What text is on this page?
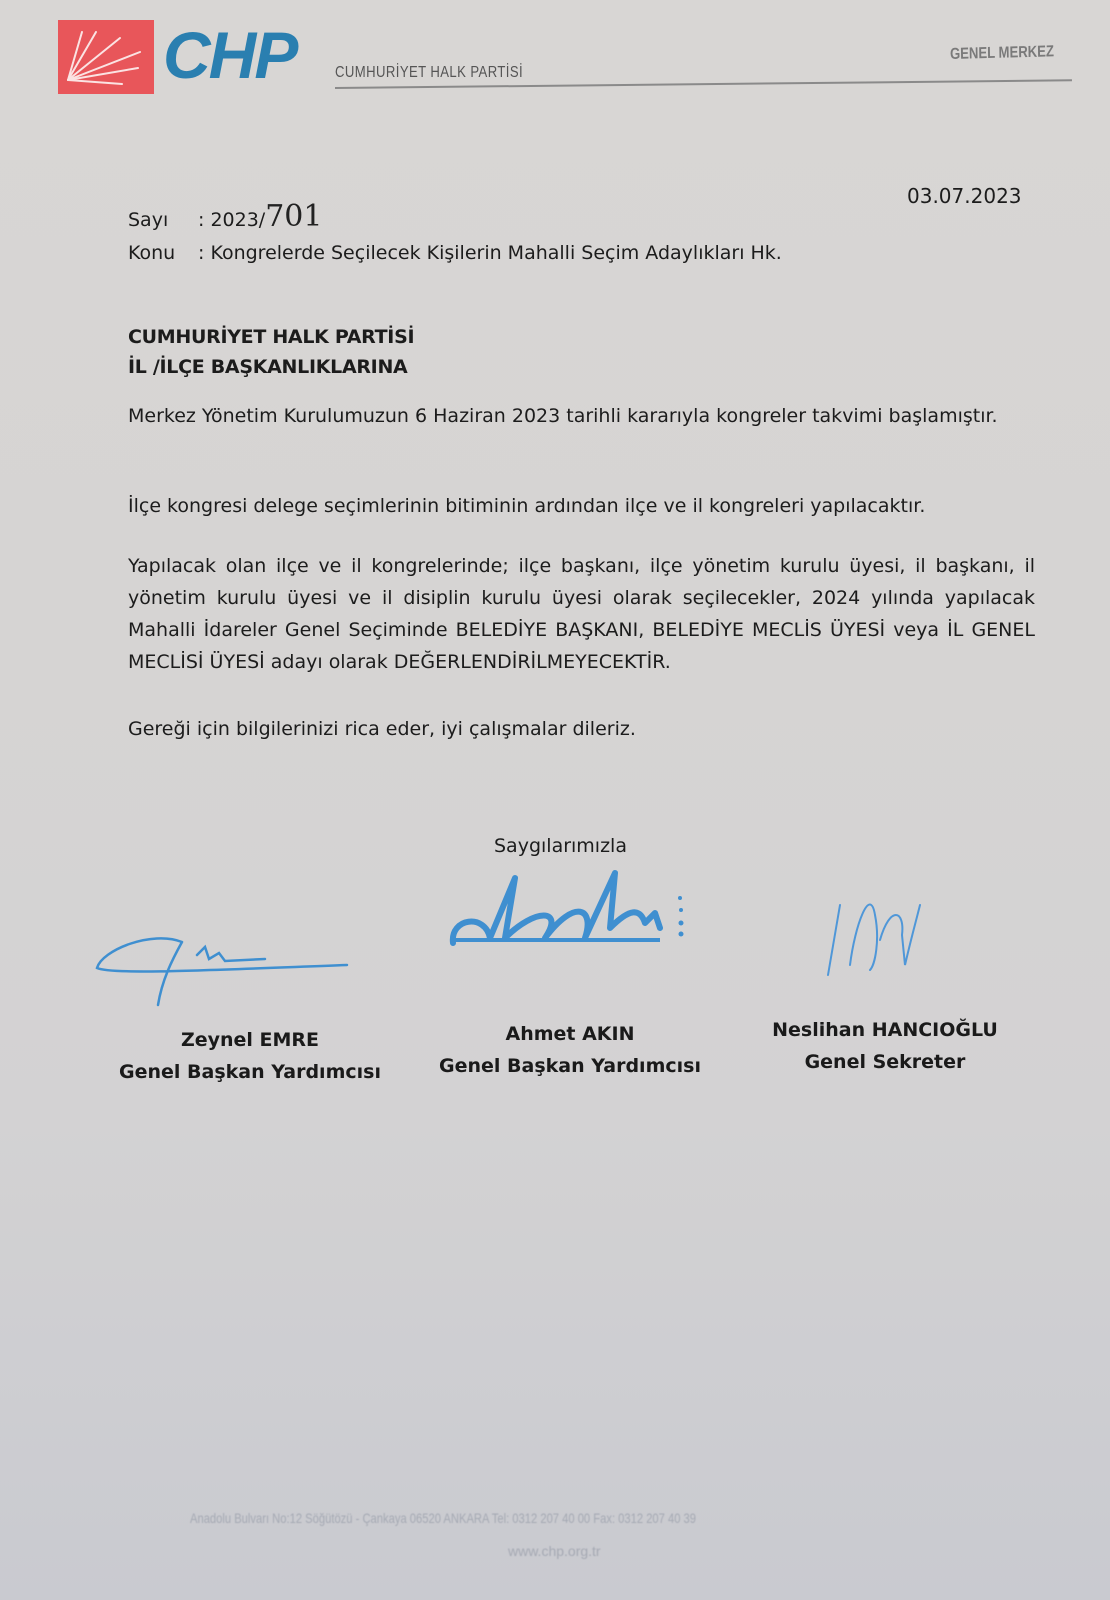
CHP CUMHURİYET HALK PARTİSİ
GENEL MERKEZ
Sayı : 2023/701
Konu : Kongrelerde Seçilecek Kişilerin Mahalli Seçim Adaylıkları Hk.
03.07.2023
CUMHURİYET HALK PARTİSİ
İL /İLÇE BAŞKANLIKLARINA
Merkez Yönetim Kurulumuzun 6 Haziran 2023 tarihli kararıyla kongreler takvimi başlamıştır.
İlçe kongresi delege seçimlerinin bitiminin ardından ilçe ve il kongreleri yapılacaktır.
Yapılacak olan ilçe ve il kongrelerinde; ilçe başkanı, ilçe yönetim kurulu üyesi, il başkanı, il yönetim kurulu üyesi ve il disiplin kurulu üyesi olarak seçilecekler, 2024 yılında yapılacak Mahalli İdareler Genel Seçiminde BELEDİYE BAŞKANI, BELEDİYE MECLİS ÜYESİ veya İL GENEL MECLİSİ ÜYESİ adayı olarak DEĞERLENDİRİLMEYECEKTİR.
Gereği için bilgilerinizi rica eder, iyi çalışmalar dileriz.
Saygılarımızla
Zeynel EMRE
Genel Başkan Yardımcısı
Ahmet AKIN
Genel Başkan Yardımcısı
Neslihan HANCIOĞLU
Genel Sekreter
Anadolu Bulvarı No:12 Söğütözü - Çankaya 06520 ANKARA Tel: 0312 207 40 00 Fax: 0312 207 40 39
www.chp.org.tr
